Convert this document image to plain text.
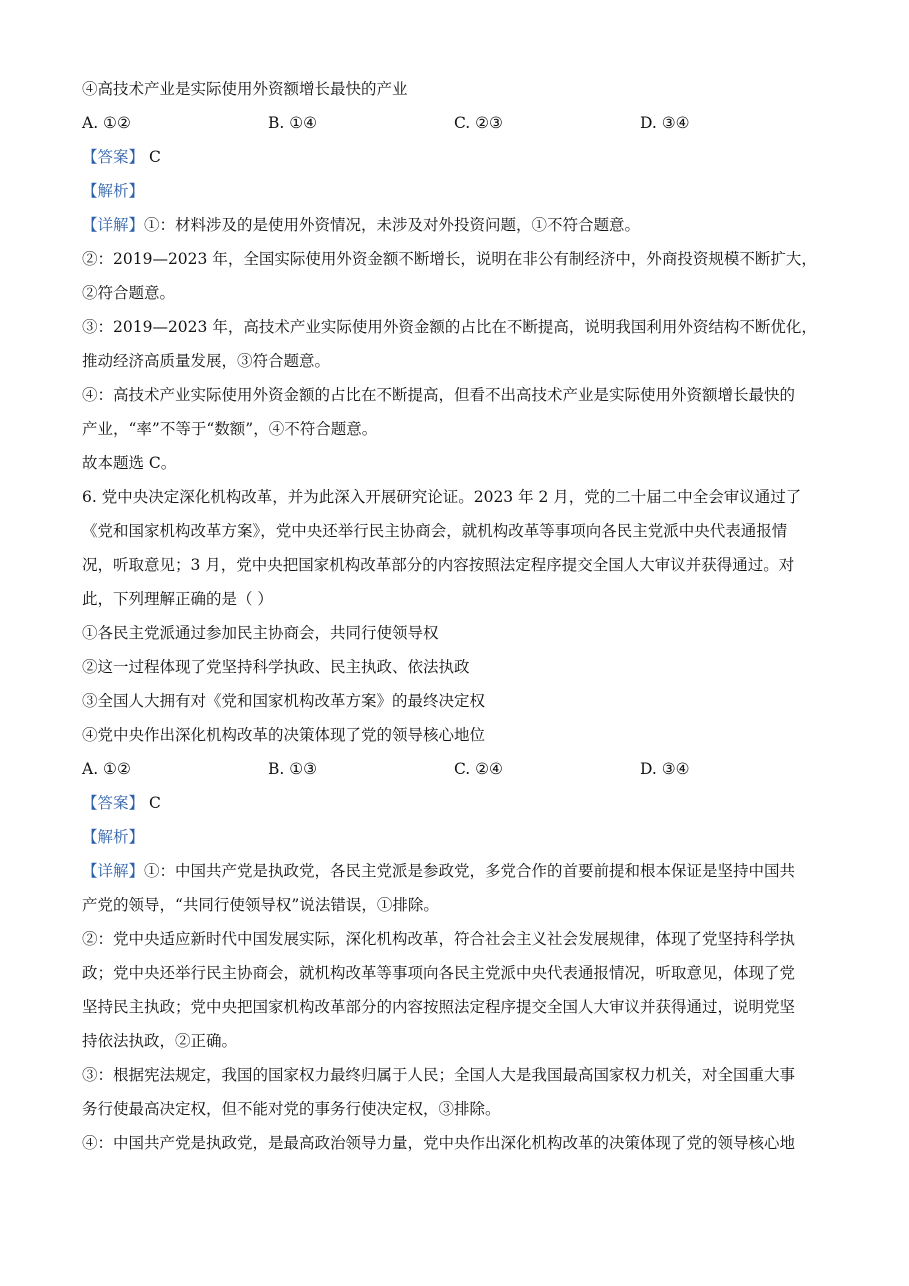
④高技术产业是实际使用外资额增长最快的产业
A. ①②	B. ①④	C. ②③	D. ③④
【答案】 C
【解析】
【详解】①：材料涉及的是使用外资情况，未涉及对外投资问题，①不符合题意。
②：2019—2023 年，全国实际使用外资金额不断增长，说明在非公有制经济中，外商投资规模不断扩大，
②符合题意。
③：2019—2023 年，高技术产业实际使用外资金额的占比在不断提高，说明我国利用外资结构不断优化，
推动经济高质量发展，③符合题意。
④：高技术产业实际使用外资金额的占比在不断提高，但看不出高技术产业是实际使用外资额增长最快的
产业，“率”不等于“数额”，④不符合题意。
故本题选 C。
6. 党中央决定深化机构改革，并为此深入开展研究论证。2023 年 2 月，党的二十届二中全会审议通过了
《党和国家机构改革方案》，党中央还举行民主协商会，就机构改革等事项向各民主党派中央代表通报情
况，听取意见；3 月，党中央把国家机构改革部分的内容按照法定程序提交全国人大审议并获得通过。对
此，下列理解正确的是（ ）
①各民主党派通过参加民主协商会，共同行使领导权
②这一过程体现了党坚持科学执政、民主执政、依法执政
③全国人大拥有对《党和国家机构改革方案》的最终决定权
④党中央作出深化机构改革的决策体现了党的领导核心地位
A. ①②	B. ①③	C. ②④	D. ③④
【答案】 C
【解析】
【详解】①：中国共产党是执政党，各民主党派是参政党，多党合作的首要前提和根本保证是坚持中国共
产党的领导，“共同行使领导权”说法错误，①排除。
②：党中央适应新时代中国发展实际，深化机构改革，符合社会主义社会发展规律，体现了党坚持科学执
政；党中央还举行民主协商会，就机构改革等事项向各民主党派中央代表通报情况，听取意见，体现了党
坚持民主执政；党中央把国家机构改革部分的内容按照法定程序提交全国人大审议并获得通过，说明党坚
持依法执政，②正确。
③：根据宪法规定，我国的国家权力最终归属于人民；全国人大是我国最高国家权力机关，对全国重大事
务行使最高决定权，但不能对党的事务行使决定权，③排除。
④：中国共产党是执政党，是最高政治领导力量，党中央作出深化机构改革的决策体现了党的领导核心地
